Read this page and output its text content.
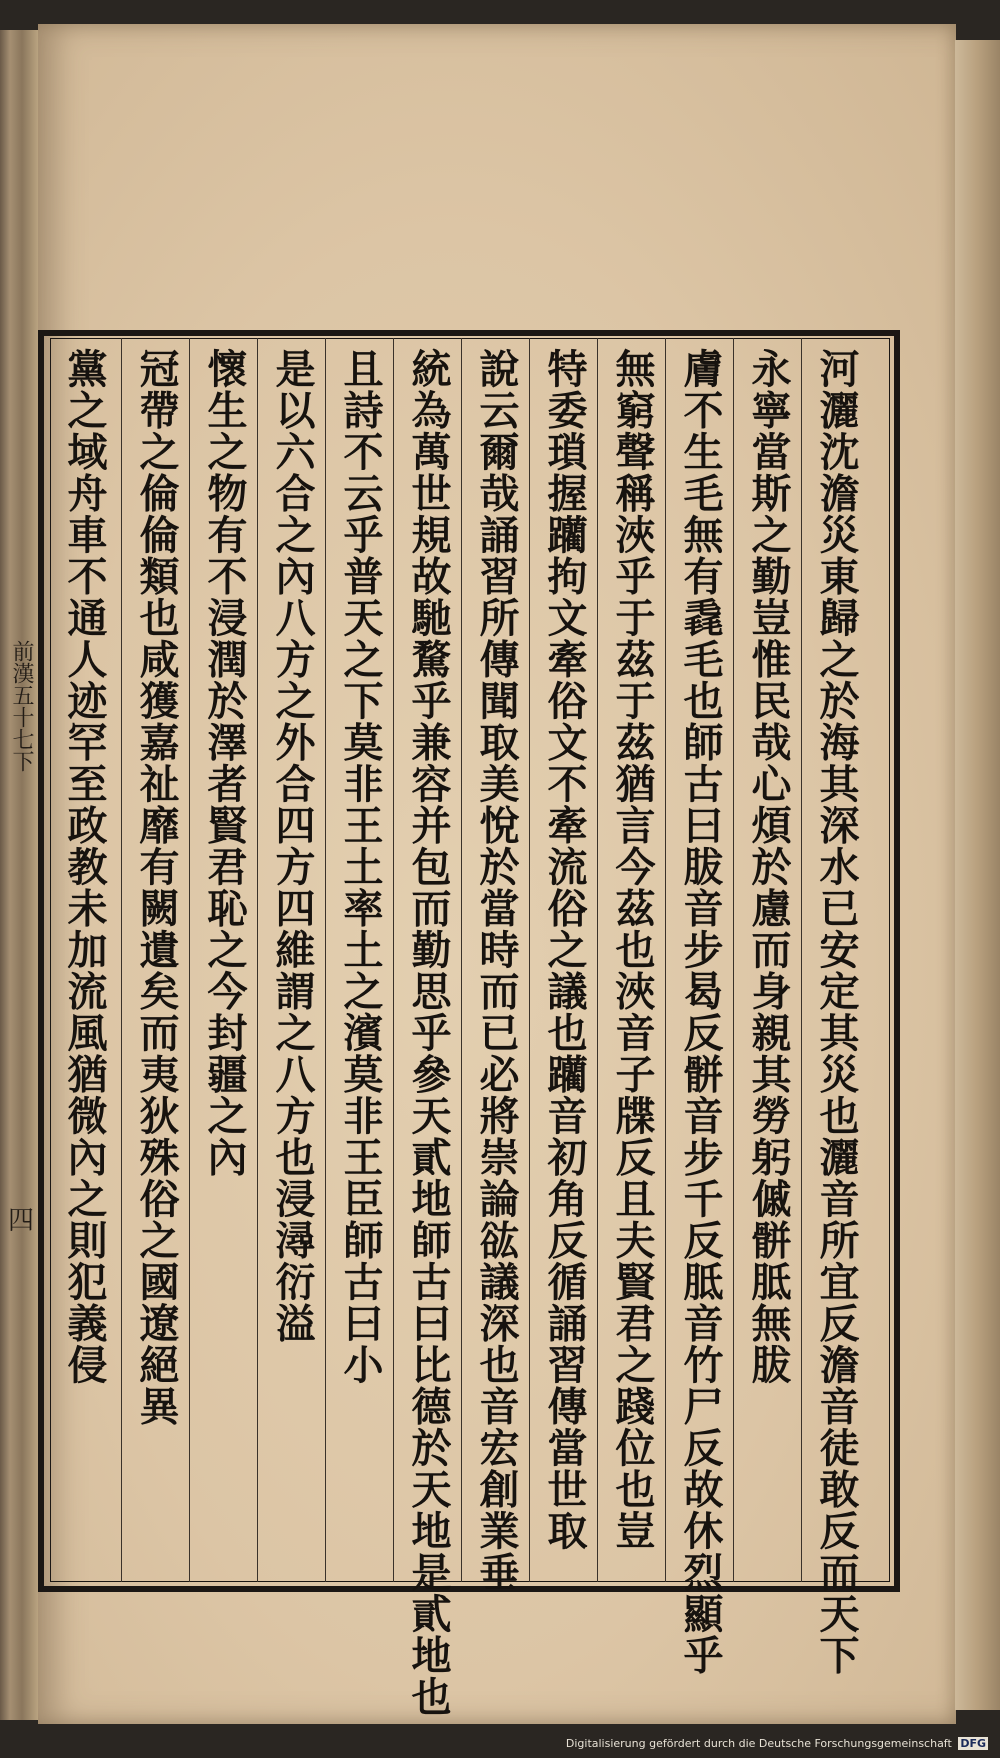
河灑沈澹災東歸之於海其深水已安定其災也灑音所宜反澹音徒敢反而天下
永寧當斯之勤豈惟民哉心煩於慮而身親其勞躬傶骿胝無胈
膚不生毛無有毳毛也師古曰胈音步曷反骿音步千反胝音竹尸反故休烈顯乎
無窮聲稱浹乎于茲于茲猶言今茲也浹音子牒反且夫賢君之踐位也豈
特委瑣握躪拘文牽俗文不牽流俗之議也躪音初角反循誦習傳當世取
說云爾哉誦習所傳聞取美悅於當時而已必將崇論谹議深也音宏創業垂
統為萬世規故馳騖乎兼容并包而勤思乎參天貳地師古曰比德於天地是貳地也
且詩不云乎普天之下莫非王土率土之濱莫非王臣師古曰小
是以六合之內八方之外合四方四維謂之八方也浸潯衍溢
懷生之物有不浸潤於澤者賢君恥之今封疆之內
冠帶之倫倫類也咸獲嘉祉靡有闕遺矣而夷狄殊俗之國遼絕異
黨之域舟車不通人迹罕至政教未加流風猶微內之則犯義侵
前漢五十七下
四
Digitalisierung gefördert durch die Deutsche Forschungsgemeinschaft DFG
